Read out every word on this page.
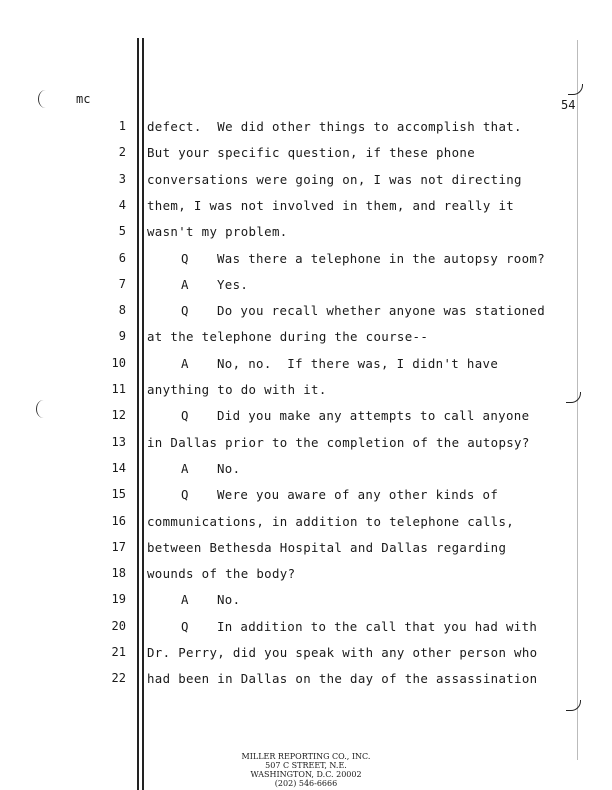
mc	54
1 defect.  We did other things to accomplish that.
2 But your specific question, if these phone
3 conversations were going on, I was not directing
4 them, I was not involved in them, and really it
5 wasn't my problem.
6	Q Was there a telephone in the autopsy room?
7	A Yes.
8	Q Do you recall whether anyone was stationed
9 at the telephone during the course--
10	A No, no.  If there was, I didn't have
11 anything to do with it.
12	Q Did you make any attempts to call anyone
13 in Dallas prior to the completion of the autopsy?
14	A No.
15	Q Were you aware of any other kinds of
16 communications, in addition to telephone calls,
17 between Bethesda Hospital and Dallas regarding
18 wounds of the body?
19	A No.
20	Q In addition to the call that you had with
21 Dr. Perry, did you speak with any other person who
22 had been in Dallas on the day of the assassination
MILLER REPORTING CO., INC.
507 C STREET, N.E.
WASHINGTON, D.C. 20002
(202) 546-6666
